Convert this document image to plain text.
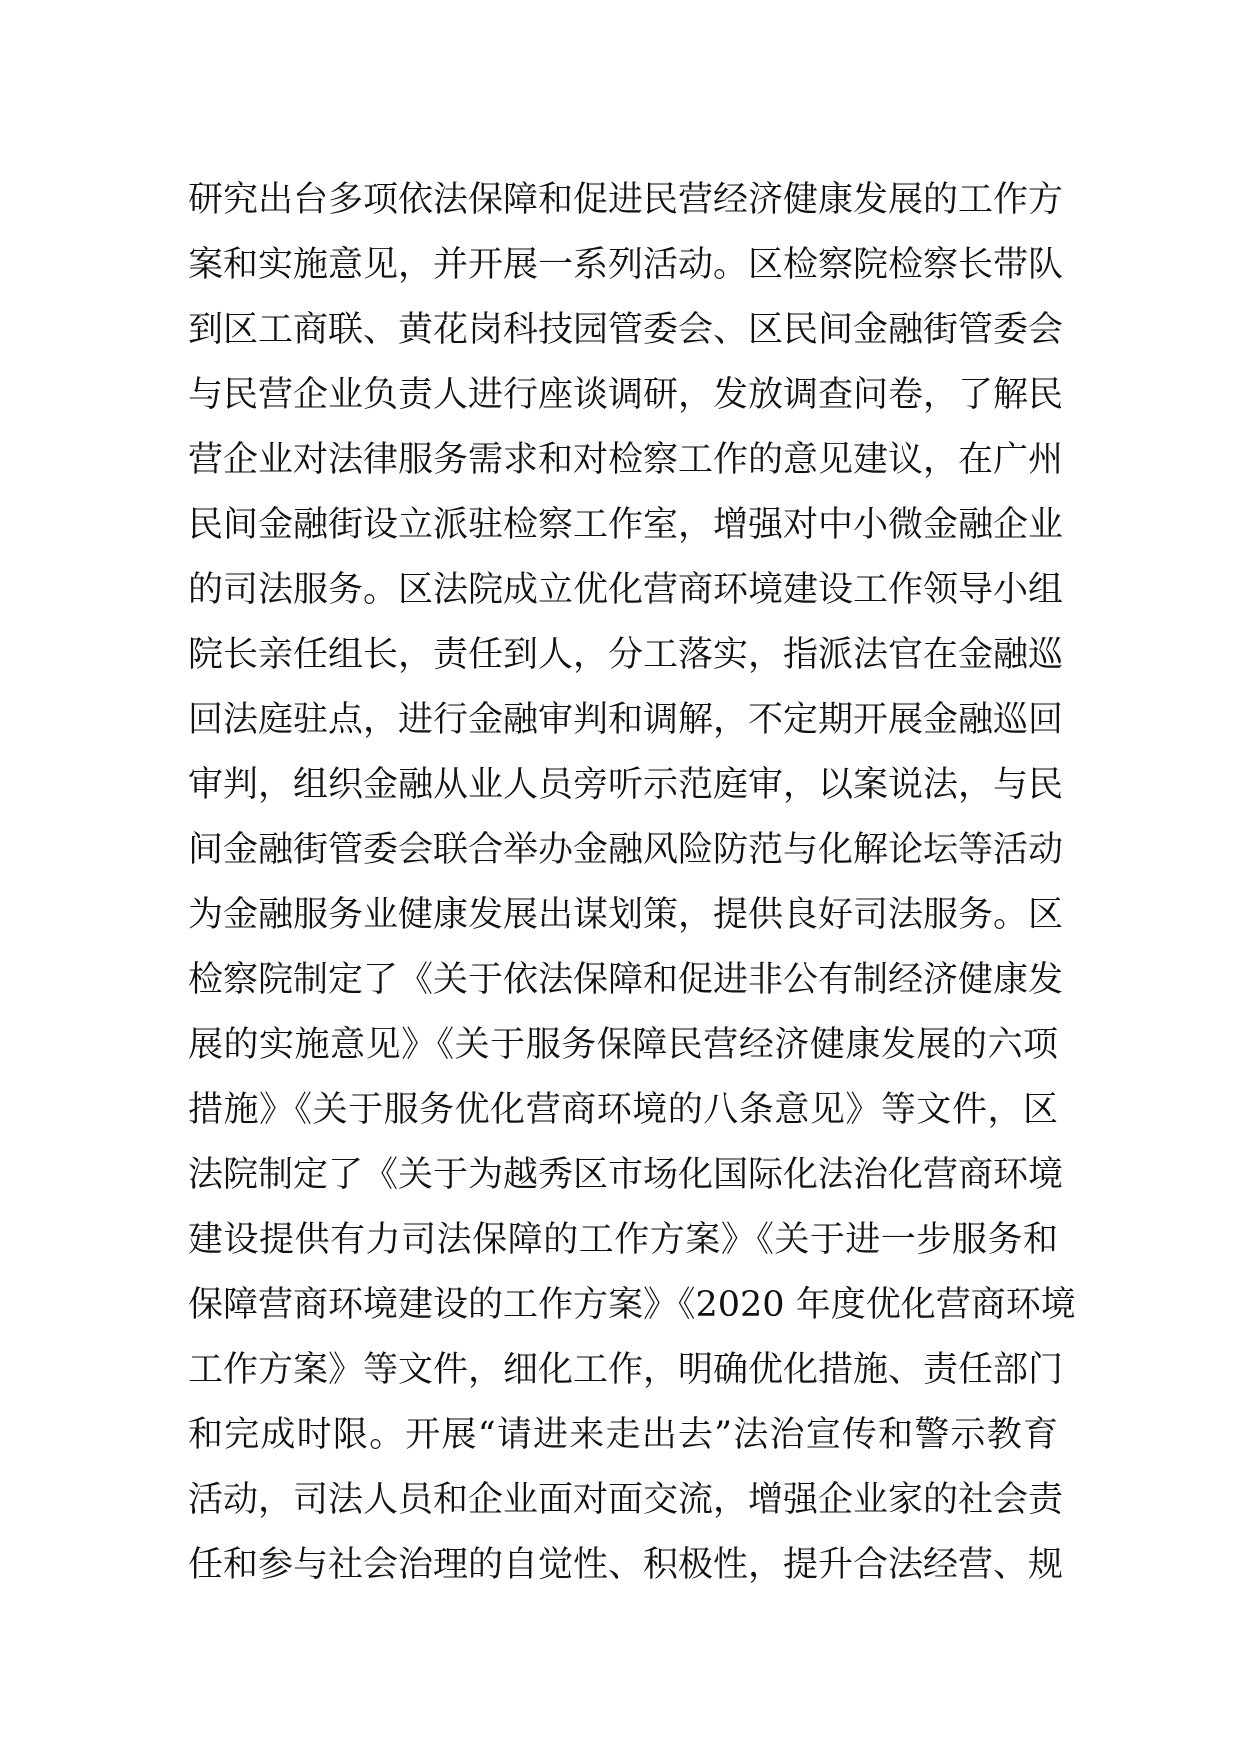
研究出台多项依法保障和促进民营经济健康发展的工作方
案和实施意见，并开展一系列活动。区检察院检察长带队
到区工商联、黄花岗科技园管委会、区民间金融街管委会
与民营企业负责人进行座谈调研，发放调查问卷，了解民
营企业对法律服务需求和对检察工作的意见建议，在广州
民间金融街设立派驻检察工作室，增强对中小微金融企业
的司法服务。区法院成立优化营商环境建设工作领导小组
院长亲任组长，责任到人，分工落实，指派法官在金融巡
回法庭驻点，进行金融审判和调解，不定期开展金融巡回
审判，组织金融从业人员旁听示范庭审，以案说法，与民
间金融街管委会联合举办金融风险防范与化解论坛等活动
为金融服务业健康发展出谋划策，提供良好司法服务。区
检察院制定了《关于依法保障和促进非公有制经济健康发
展的实施意见》《关于服务保障民营经济健康发展的六项
措施》《关于服务优化营商环境的八条意见》等文件，区
法院制定了《关于为越秀区市场化国际化法治化营商环境
建设提供有力司法保障的工作方案》《关于进一步服务和
保障营商环境建设的工作方案》《2020 年度优化营商环境
工作方案》等文件，细化工作，明确优化措施、责任部门
和完成时限。开展“请进来走出去”法治宣传和警示教育
活动，司法人员和企业面对面交流，增强企业家的社会责
任和参与社会治理的自觉性、积极性，提升合法经营、规
